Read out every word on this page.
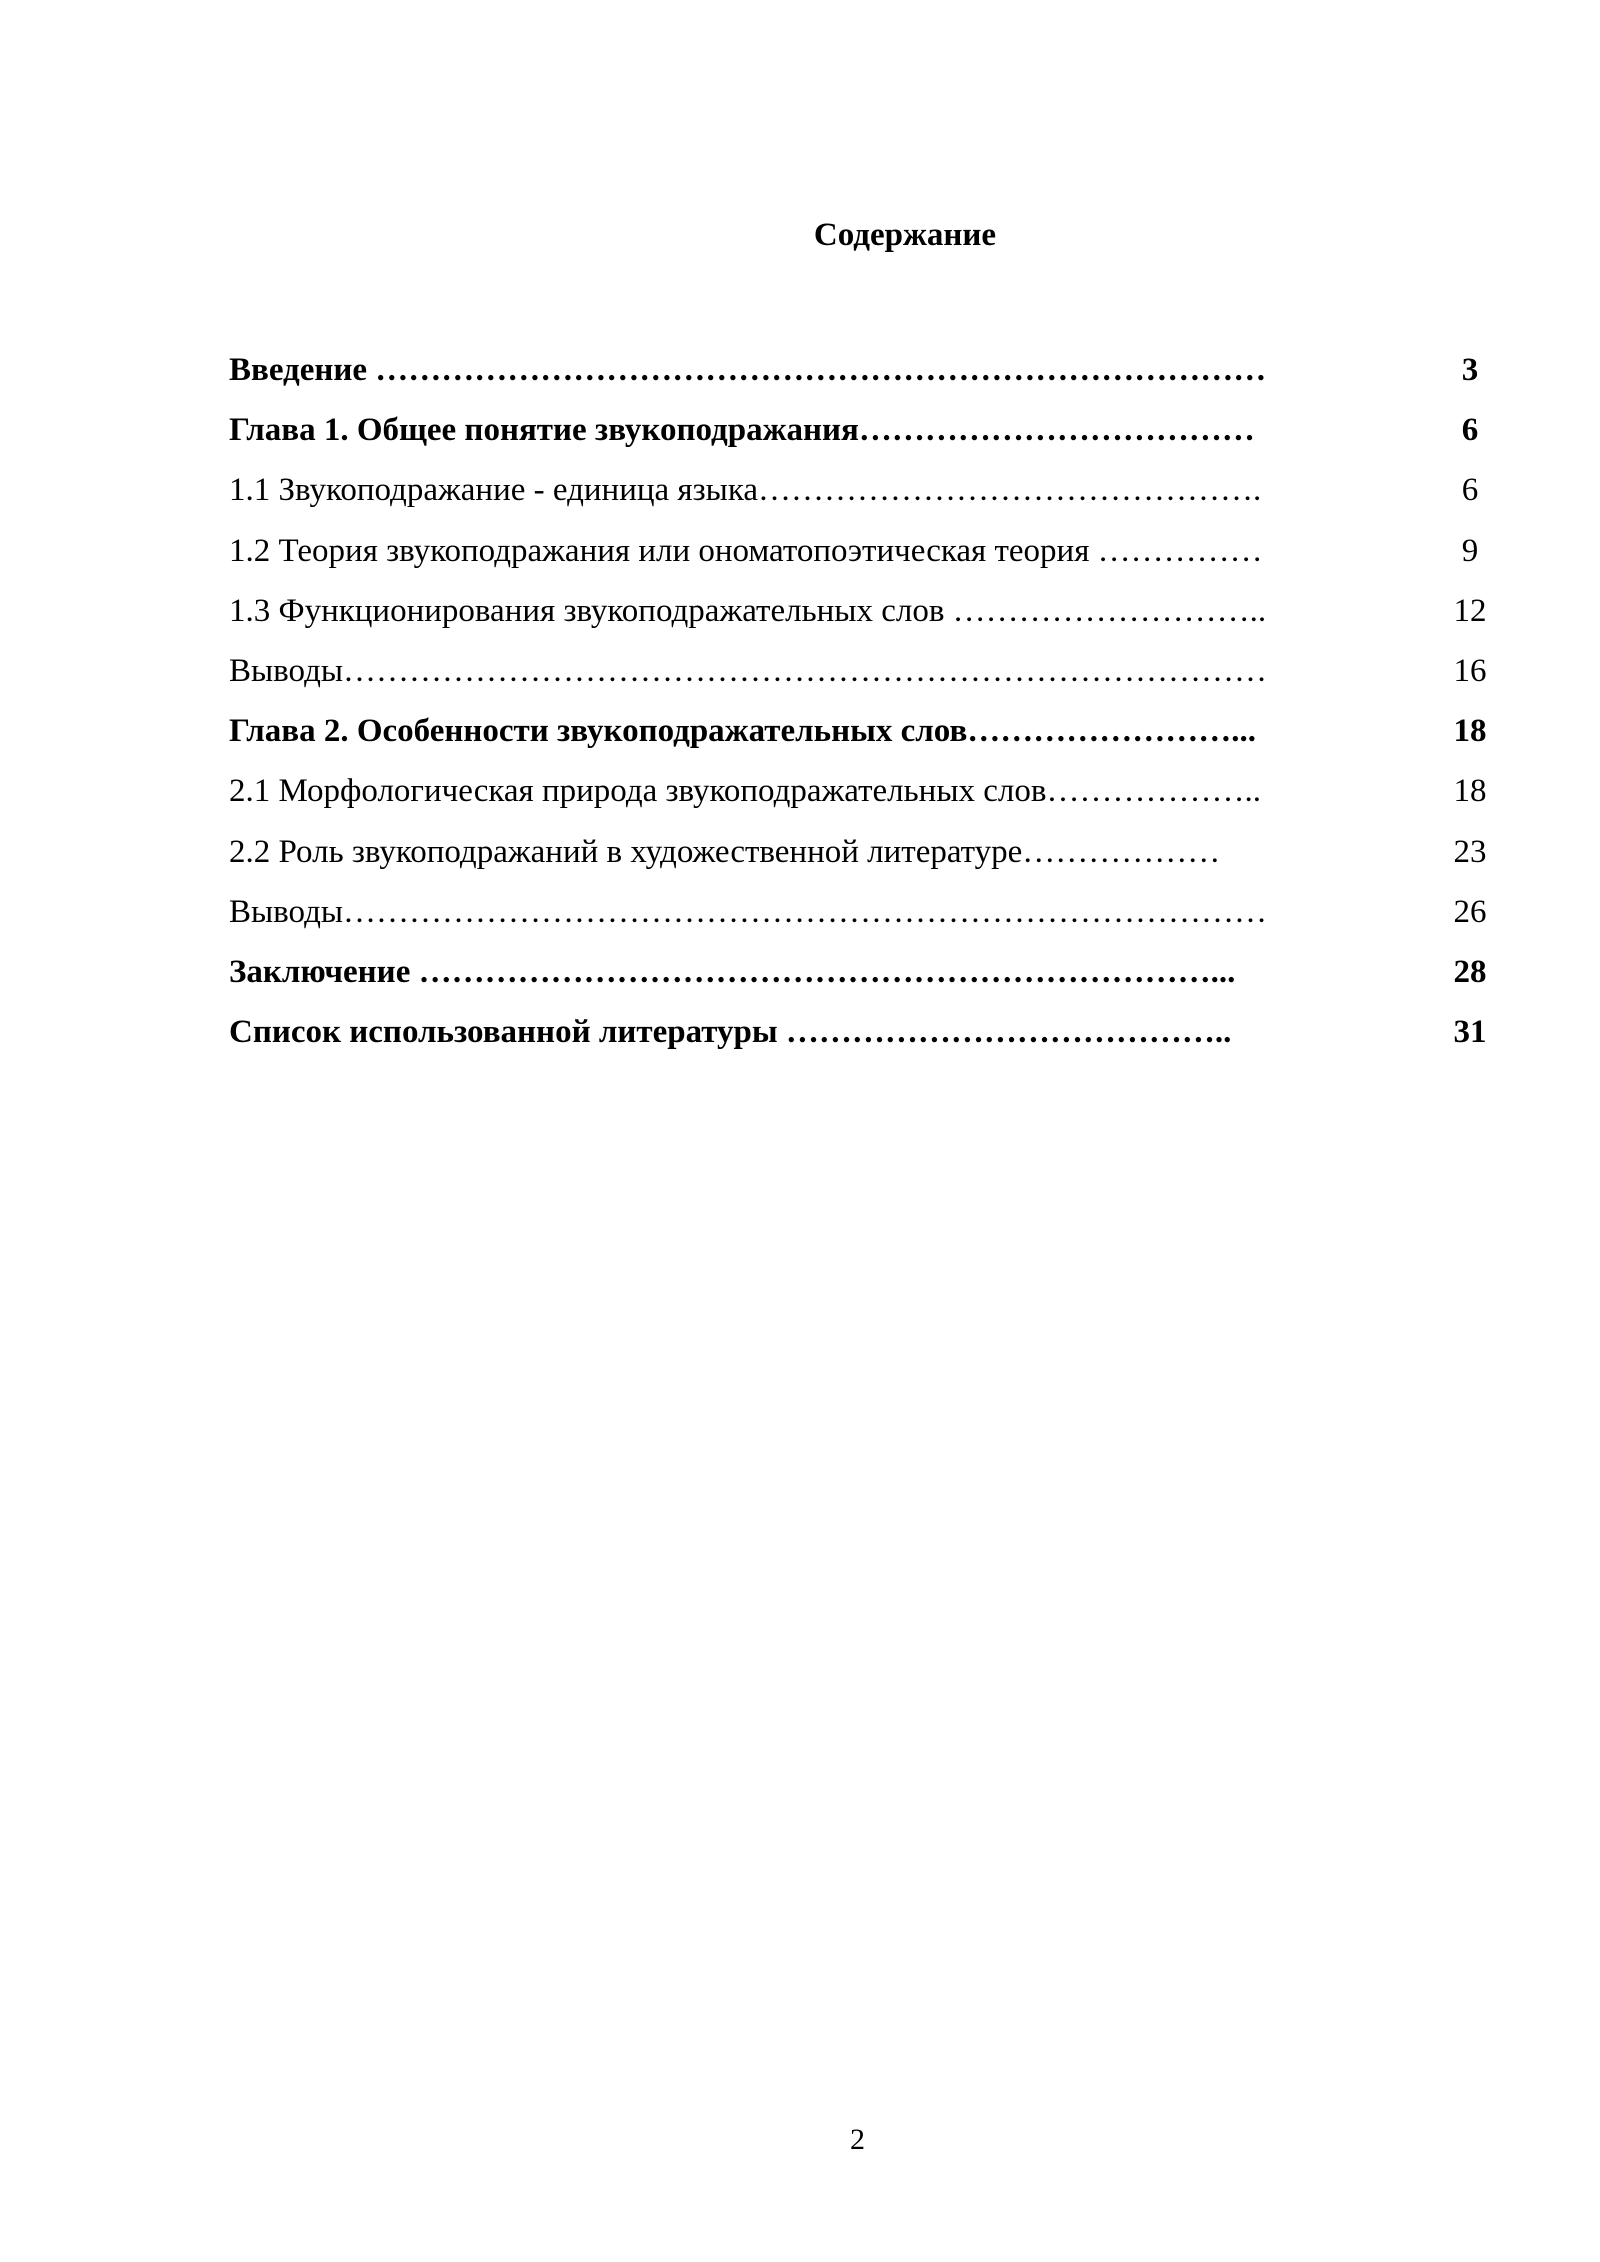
Содержание
Введение ………………………………………………………………………	3
Глава 1. Общее понятие звукоподражания………………………………	6
1.1 Звукоподражание - единица языка……………………………………….	6
1.2 Теория звукоподражания или ономатопоэтическая теория ……………	9
1.3 Функционирования звукоподражательных слов ………………………..	12
Выводы…………………………………………………………………………	16
Глава 2. Особенности звукоподражательных слов……………………...	18
2.1 Морфологическая природа звукоподражательных слов………………..	18
2.2 Роль звукоподражаний в художественной литературе………………	23
Выводы…………………………………………………………………………	26
Заключение ………………………………………………………………...	28
Список использованной литературы …………………………………..	31
2
